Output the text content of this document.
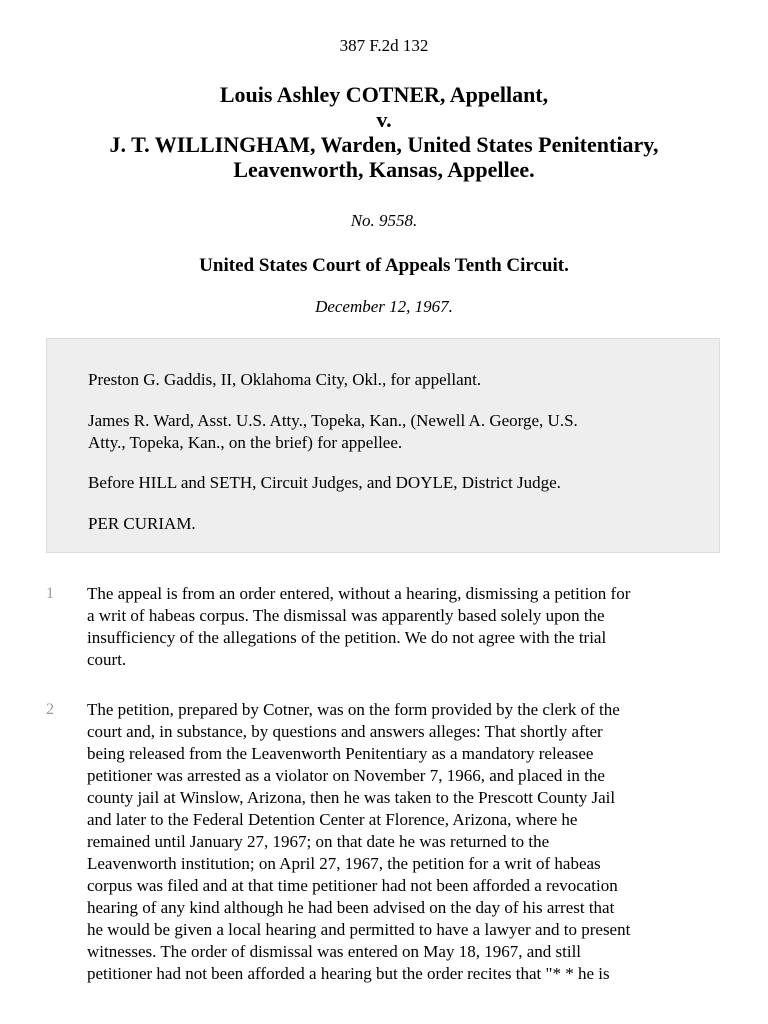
387 F.2d 132
Louis Ashley COTNER, Appellant,
v.
J. T. WILLINGHAM, Warden, United States Penitentiary,
Leavenworth, Kansas, Appellee.
No. 9558.
United States Court of Appeals Tenth Circuit.
December 12, 1967.
Preston G. Gaddis, II, Oklahoma City, Okl., for appellant.
James R. Ward, Asst. U.S. Atty., Topeka, Kan., (Newell A. George, U.S.
Atty., Topeka, Kan., on the brief) for appellee.
Before HILL and SETH, Circuit Judges, and DOYLE, District Judge.
PER CURIAM.
1 The appeal is from an order entered, without a hearing, dismissing a petition for
a writ of habeas corpus. The dismissal was apparently based solely upon the
insufficiency of the allegations of the petition. We do not agree with the trial
court.
2 The petition, prepared by Cotner, was on the form provided by the clerk of the
court and, in substance, by questions and answers alleges: That shortly after
being released from the Leavenworth Penitentiary as a mandatory releasee
petitioner was arrested as a violator on November 7, 1966, and placed in the
county jail at Winslow, Arizona, then he was taken to the Prescott County Jail
and later to the Federal Detention Center at Florence, Arizona, where he
remained until January 27, 1967; on that date he was returned to the
Leavenworth institution; on April 27, 1967, the petition for a writ of habeas
corpus was filed and at that time petitioner had not been afforded a revocation
hearing of any kind although he had been advised on the day of his arrest that
he would be given a local hearing and permitted to have a lawyer and to present
witnesses. The order of dismissal was entered on May 18, 1967, and still
petitioner had not been afforded a hearing but the order recites that "* * he is
